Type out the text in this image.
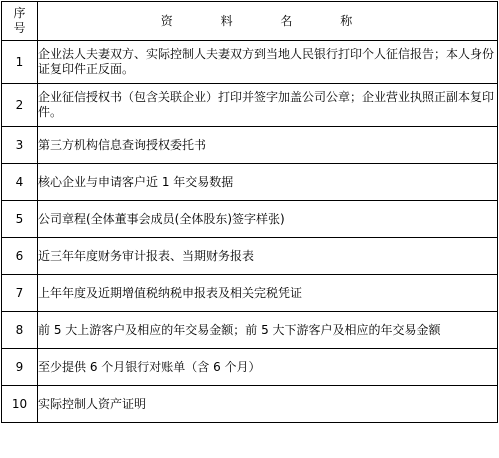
序
号	资 料 名 称
1	企业法人夫妻双方、实际控制人夫妻双方到当地人民银行打印个人征信报告；本人身份证复印件正反面。
2	企业征信授权书（包含关联企业）打印并签字加盖公司公章；企业营业执照正副本复印件。
3	第三方机构信息查询授权委托书
4	核心企业与申请客户近 1 年交易数据
5	公司章程(全体董事会成员(全体股东)签字样张)
6	近三年年度财务审计报表、当期财务报表
7	上年年度及近期增值税纳税申报表及相关完税凭证
8	前 5 大上游客户及相应的年交易金额；前 5 大下游客户及相应的年交易金额
9	至少提供 6 个月银行对账单（含 6 个月）
10	实际控制人资产证明
